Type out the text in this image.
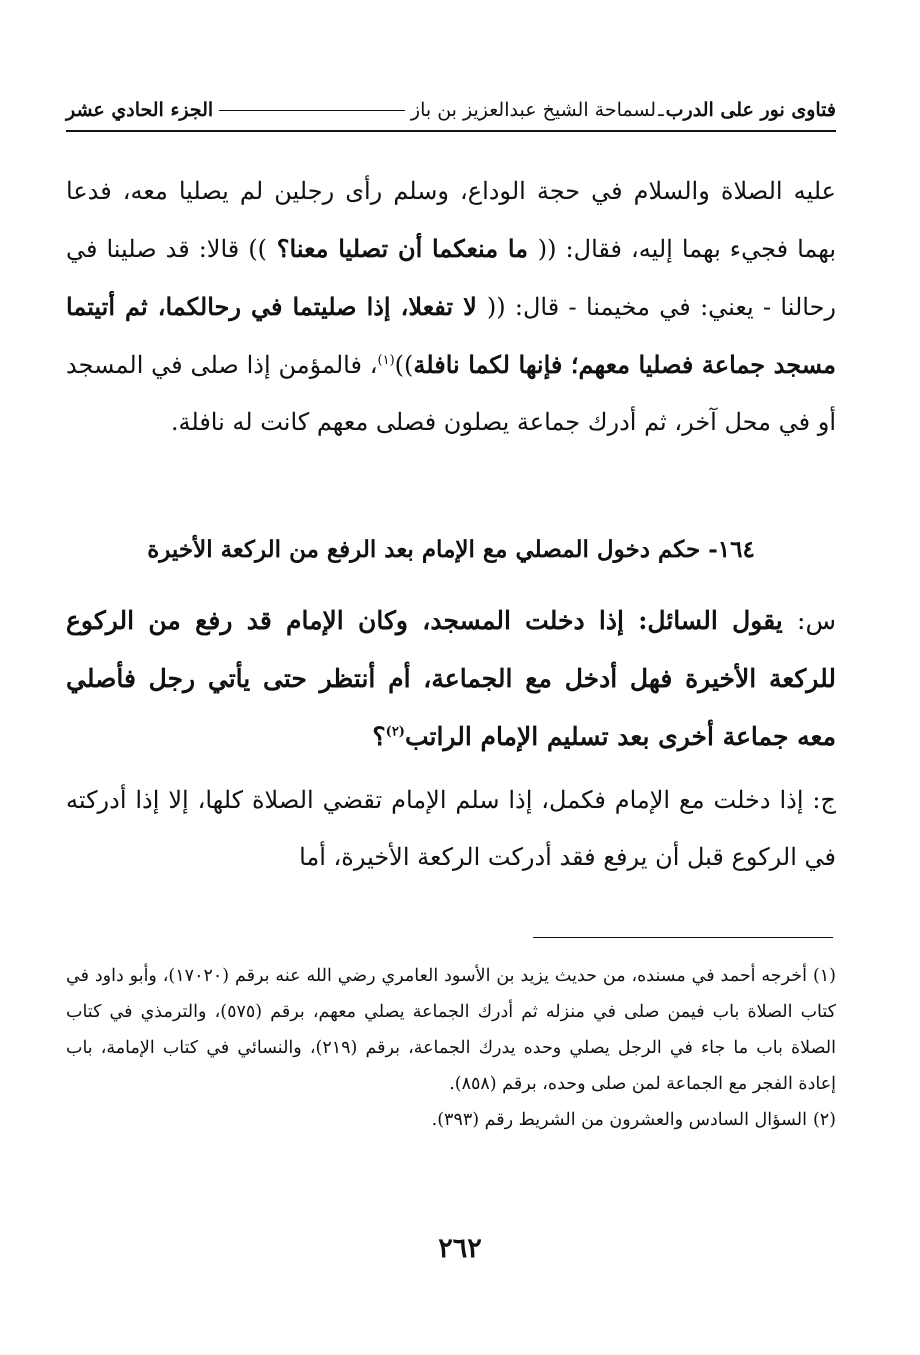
فتاوى نور على الدرب
ـ
لسماحة الشيخ عبدالعزيز بن باز
الجزء الحادي عشر

عليه الصلاة والسلام في حجة الوداع، وسلم رأى رجلين لم يصليا معه، فدعا بهما فجيء بهما إليه، فقال: (( ما منعكما أن تصليا معنا؟ )) قالا: قد صلينا في رحالنا - يعني: في مخيمنا - قال: (( لا تفعلا، إذا صليتما في رحالكما، ثم أتيتما مسجد جماعة فصليا معهم؛ فإنها لكما نافلة))$^{(١)}$، فالمؤمن إذا صلى في المسجد أو في محل آخر، ثم أدرك جماعة يصلون فصلى معهم كانت له نافلة.

١٦٤- حكم دخول المصلي مع الإمام بعد الرفع من الركعة الأخيرة

س: يقول السائل: إذا دخلت المسجد، وكان الإمام قد رفع من الركوع للركعة الأخيرة فهل أدخل مع الجماعة، أم أنتظر حتى يأتي رجل فأصلي معه جماعة أخرى بعد تسليم الإمام الراتب$^{(٢)}$؟

ج: إذا دخلت مع الإمام فكمل، إذا سلم الإمام تقضي الصلاة كلها، إلا إذا أدركته في الركوع قبل أن يرفع فقد أدركت الركعة الأخيرة، أما

(١)أخرجه أحمد في مسنده، من حديث يزيد بن الأسود العامري رضي الله عنه برقم (١٧٠٢٠)، وأبو داود في كتاب الصلاة باب فيمن صلى في منزله ثم أدرك الجماعة يصلي معهم، برقم (٥٧٥)، والترمذي في كتاب الصلاة باب ما جاء في الرجل يصلي وحده يدرك الجماعة، برقم (٢١٩)، والنسائي في كتاب الإمامة، باب إعادة الفجر مع الجماعة لمن صلى وحده، برقم (٨٥٨).

(٢)السؤال السادس والعشرون من الشريط رقم (٣٩٣).

٢٦٢
